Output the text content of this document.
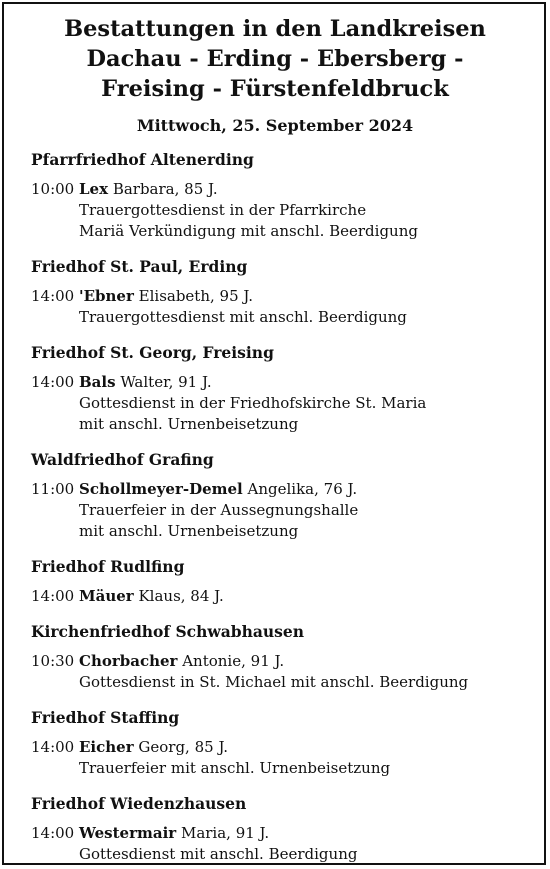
Bestattungen in den Landkreisen
Dachau - Erding - Ebersberg -
Freising - Fürstenfeldbruck
Mittwoch, 25. September 2024
Pfarrfriedhof Altenerding
10:00 Lex Barbara, 85 J.
Trauergottesdienst in der Pfarrkirche
Mariä Verkündigung mit anschl. Beerdigung
Friedhof St. Paul, Erding
14:00 'Ebner Elisabeth, 95 J.
Trauergottesdienst mit anschl. Beerdigung
Friedhof St. Georg, Freising
14:00 Bals Walter, 91 J.
Gottesdienst in der Friedhofskirche St. Maria
mit anschl. Urnenbeisetzung
Waldfriedhof Grafing
11:00 Schollmeyer-Demel Angelika, 76 J.
Trauerfeier in der Aussegnungshalle
mit anschl. Urnenbeisetzung
Friedhof Rudlfing
14:00 Mäuer Klaus, 84 J.
Kirchenfriedhof Schwabhausen
10:30 Chorbacher Antonie, 91 J.
Gottesdienst in St. Michael mit anschl. Beerdigung
Friedhof Staffing
14:00 Eicher Georg, 85 J.
Trauerfeier mit anschl. Urnenbeisetzung
Friedhof Wiedenzhausen
14:00 Westermair Maria, 91 J.
Gottesdienst mit anschl. Beerdigung
